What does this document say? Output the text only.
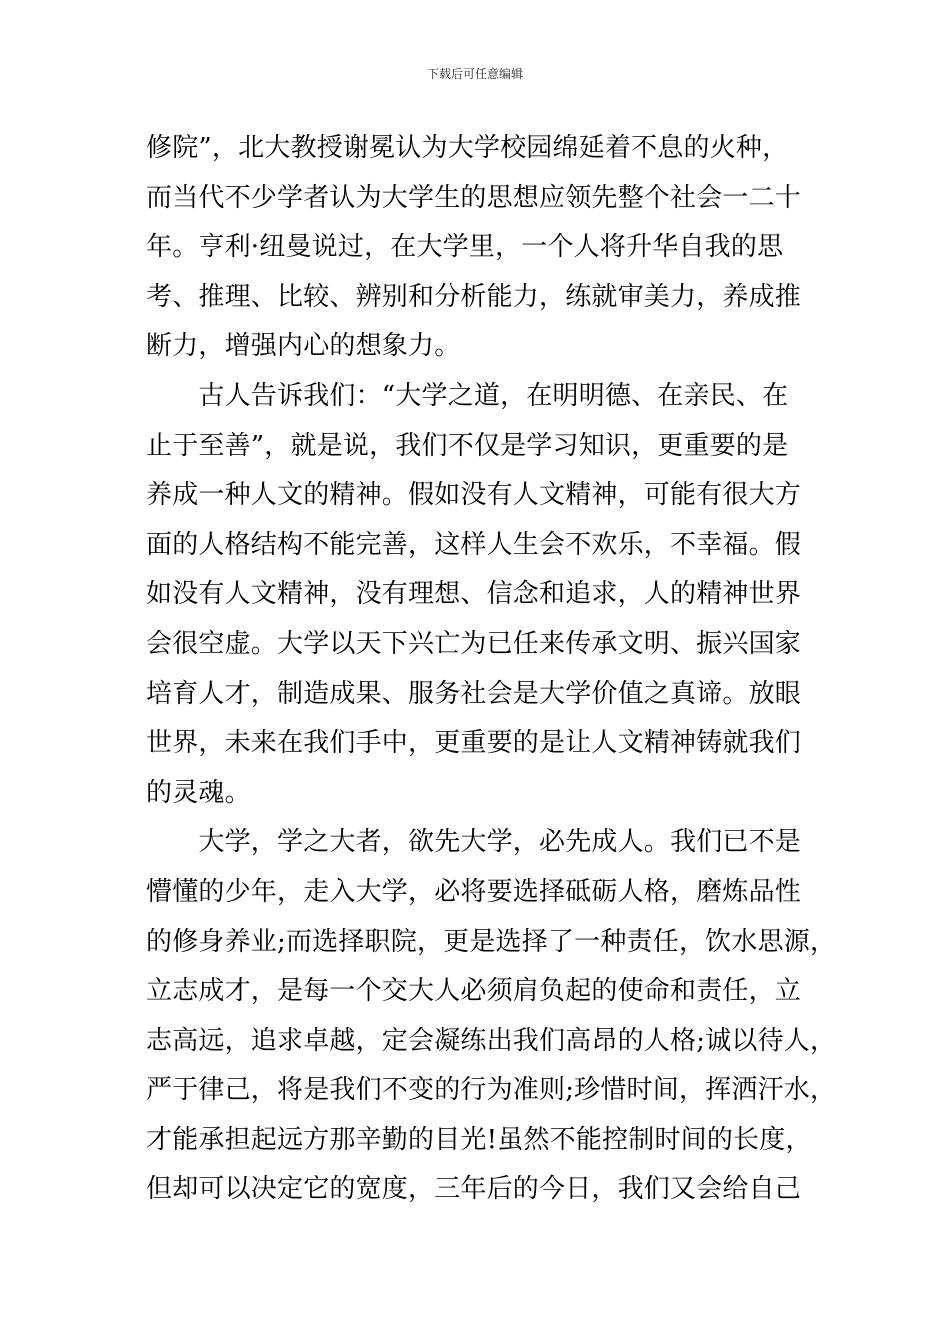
下载后可任意编辑
修院”，北大教授谢冕认为大学校园绵延着不息的火种，
而当代不少学者认为大学生的思想应领先整个社会一二十
年。亨利·纽曼说过，在大学里，一个人将升华自我的思
考、推理、比较、辨别和分析能力，练就审美力，养成推
断力，增强内心的想象力。
　　古人告诉我们：“大学之道，在明明德、在亲民、在
止于至善”，就是说，我们不仅是学习知识，更重要的是
养成一种人文的精神。假如没有人文精神，可能有很大方
面的人格结构不能完善，这样人生会不欢乐，不幸福。假
如没有人文精神，没有理想、信念和追求，人的精神世界
会很空虚。大学以天下兴亡为已任来传承文明、振兴国家
培育人才，制造成果、服务社会是大学价值之真谛。放眼
世界，未来在我们手中，更重要的是让人文精神铸就我们
的灵魂。
　　大学，学之大者，欲先大学，必先成人。我们已不是
懵懂的少年，走入大学，必将要选择砥砺人格，磨炼品性
的修身养业;而选择职院，更是选择了一种责任，饮水思源，
立志成才，是每一个交大人必须肩负起的使命和责任，立
志高远，追求卓越，定会凝练出我们高昂的人格;诚以待人，
严于律己，将是我们不变的行为准则;珍惜时间，挥洒汗水，
才能承担起远方那辛勤的目光!虽然不能控制时间的长度，
但却可以决定它的宽度，三年后的今日，我们又会给自己
